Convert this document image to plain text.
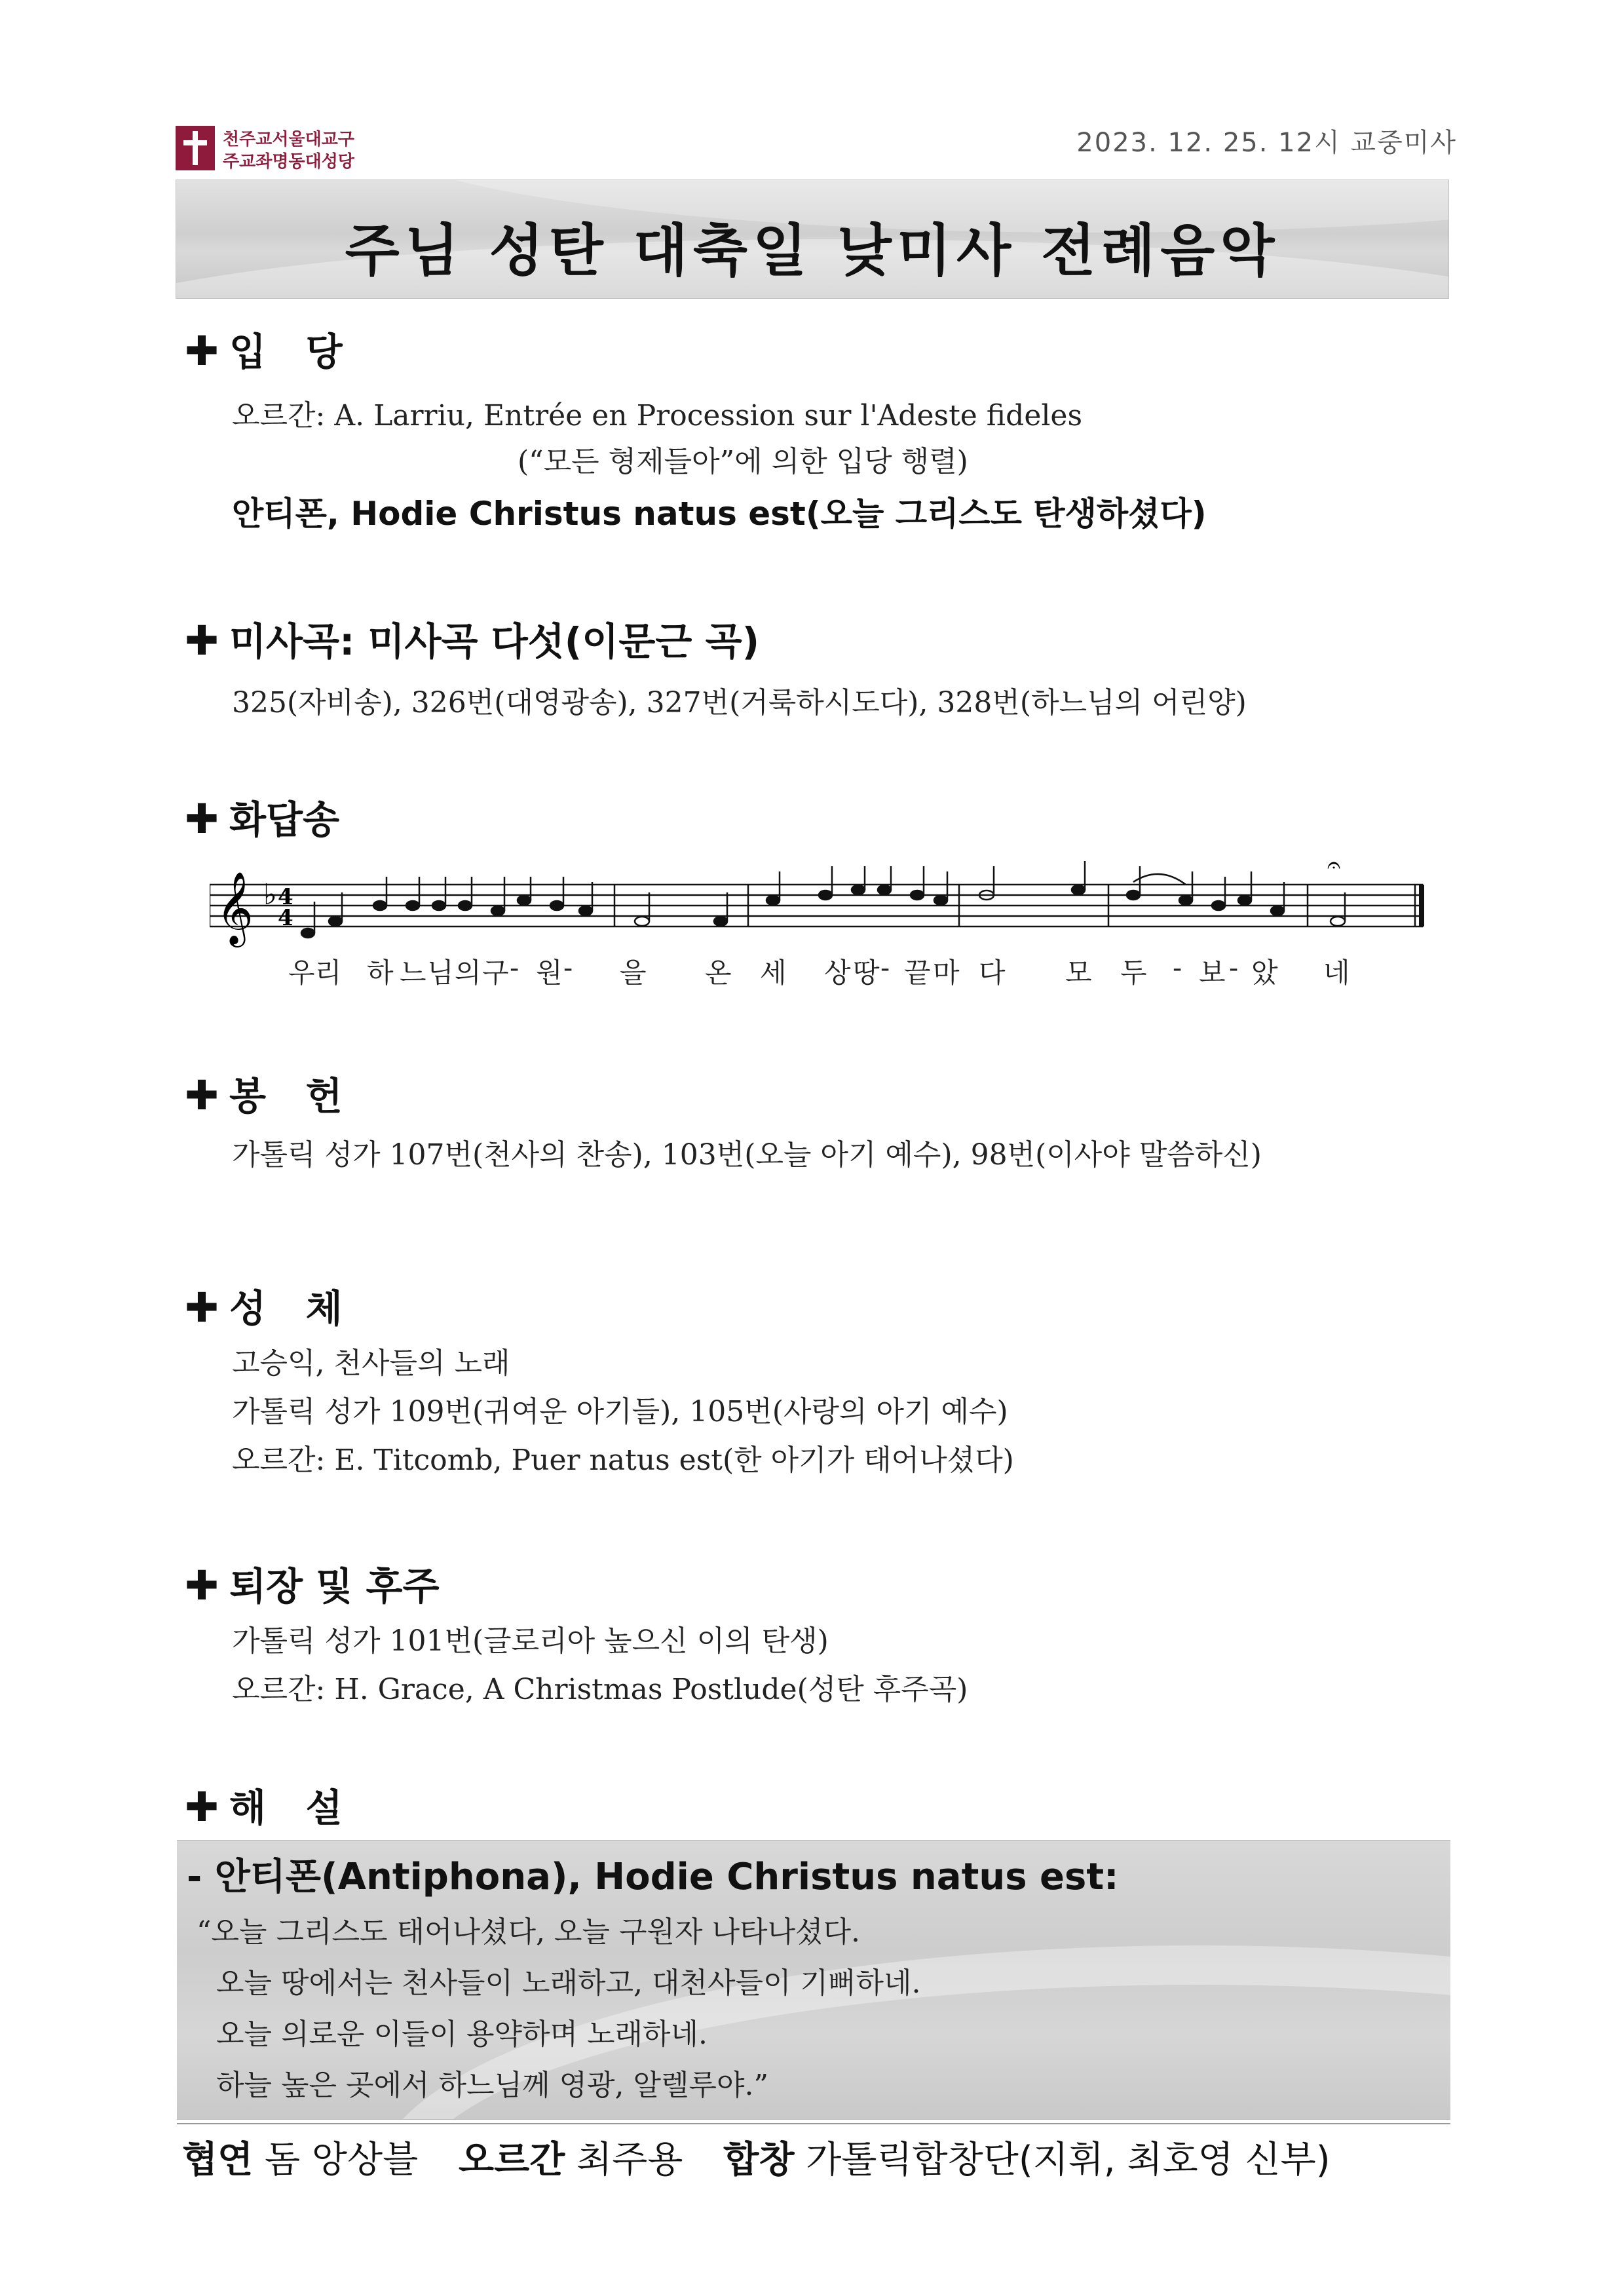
천주교서울대교구
주교좌명동대성당
2023. 12. 25. 12시 교중미사
주님 성탄 대축일 낮미사 전례음악
✚ 입   당
오르간: A. Larriu, Entrée en Procession sur l'Adeste fideles
(“모든 형제들아”에 의한 입당 행렬)
안티폰, Hodie Christus natus est(오늘 그리스도 탄생하셨다)
✚ 미사곡: 미사곡 다섯(이문근 곡)
325(자비송), 326번(대영광송), 327번(거룩하시도다), 328번(하느님의 어린양)
✚ 화답송
𝄞 ♭ 4
4
𝄐
우리 하 느 님 의 구 - 원 - 을 온 세 상 땅 - 끝 마 다 모 두 - 보 - 았 네
✚ 봉   헌
가톨릭 성가 107번(천사의 찬송), 103번(오늘 아기 예수), 98번(이사야 말씀하신)
✚ 성   체
고승익, 천사들의 노래
가톨릭 성가 109번(귀여운 아기들), 105번(사랑의 아기 예수)
오르간: E. Titcomb, Puer natus est(한 아기가 태어나셨다)
✚ 퇴장 및 후주
가톨릭 성가 101번(글로리아 높으신 이의 탄생)
오르간: H. Grace, A Christmas Postlude(성탄 후주곡)
✚ 해   설
- 안티폰(Antiphona), Hodie Christus natus est:
“오늘 그리스도 태어나셨다, 오늘 구원자 나타나셨다.
오늘 땅에서는 천사들이 노래하고, 대천사들이 기뻐하네.
오늘 의로운 이들이 용약하며 노래하네.
하늘 높은 곳에서 하느님께 영광, 알렐루야.”
협연 돔 앙상블 오르간 최주용 합창 가톨릭합창단(지휘, 최호영 신부)
